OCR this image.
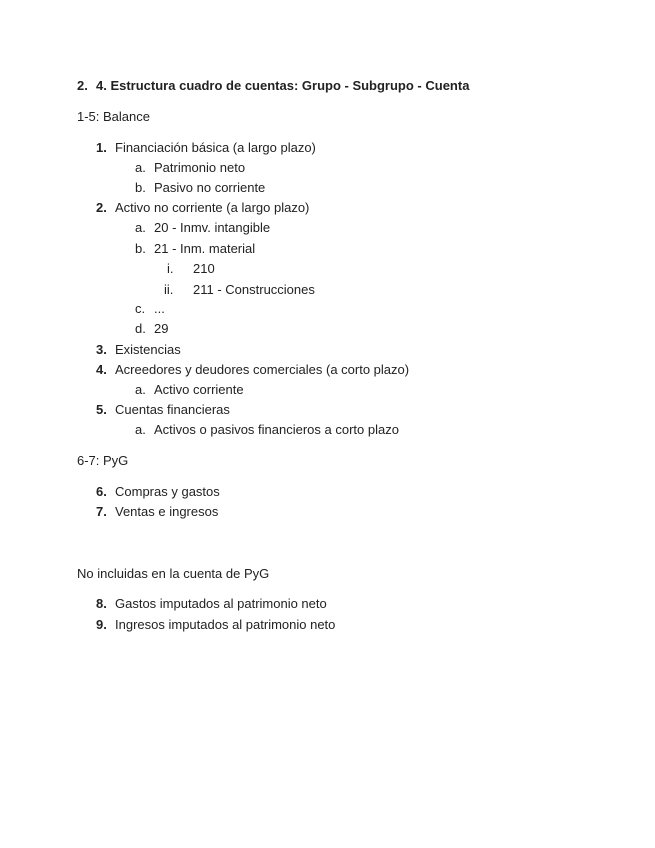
2. 4. Estructura cuadro de cuentas: Grupo - Subgrupo - Cuenta
1-5: Balance
1. Financiación básica (a largo plazo)
a. Patrimonio neto
b. Pasivo no corriente
2. Activo no corriente (a largo plazo)
a. 20 - Inmv. intangible
b. 21 - Inm. material
i. 210
ii. 211 - Construcciones
c. ...
d. 29
3. Existencias
4. Acreedores y deudores comerciales (a corto plazo)
a. Activo corriente
5. Cuentas financieras
a. Activos o pasivos financieros a corto plazo
6-7: PyG
6. Compras y gastos
7. Ventas e ingresos
No incluidas en la cuenta de PyG
8. Gastos imputados al patrimonio neto
9. Ingresos imputados al patrimonio neto
